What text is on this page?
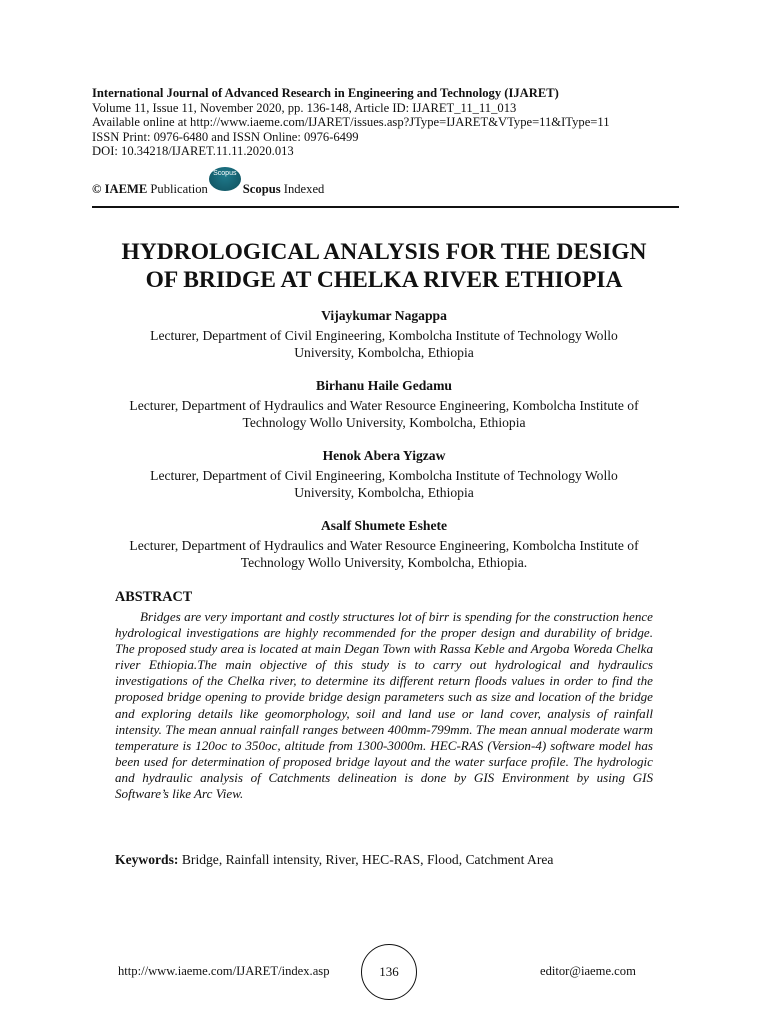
International Journal of Advanced Research in Engineering and Technology (IJARET)
Volume 11, Issue 11, November 2020, pp. 136-148, Article ID: IJARET_11_11_013
Available online at http://www.iaeme.com/IJARET/issues.asp?JType=IJARET&VType=11&IType=11
ISSN Print: 0976-6480 and ISSN Online: 0976-6499
DOI: 10.34218/IJARET.11.11.2020.013
© IAEME
Publication
Scopus
Scopus
Indexed
HYDROLOGICAL ANALYSIS FOR THE DESIGN
OF BRIDGE AT CHELKA RIVER ETHIOPIA
Vijaykumar Nagappa
Lecturer, Department of Civil Engineering, Kombolcha Institute of Technology Wollo
University, Kombolcha, Ethiopia
Birhanu Haile Gedamu
Lecturer, Department of Hydraulics and Water Resource Engineering, Kombolcha Institute of
Technology Wollo University, Kombolcha, Ethiopia
Henok Abera Yigzaw
Lecturer, Department of Civil Engineering, Kombolcha Institute of Technology Wollo
University, Kombolcha, Ethiopia
Asalf Shumete Eshete
Lecturer, Department of Hydraulics and Water Resource Engineering, Kombolcha Institute of
Technology Wollo University, Kombolcha, Ethiopia.
ABSTRACT
Bridges are very important and costly structures lot of birr is spending for the construction hence hydrological investigations are highly recommended for the proper design and durability of bridge. The proposed study area is located at main Degan Town with Rassa Keble and Argoba Woreda Chelka river Ethiopia.The main objective of this study is to carry out hydrological and hydraulics investigations of the Chelka river, to determine its different return floods values in order to find the proposed bridge opening to provide bridge design parameters such as size and location of the bridge and exploring details like geomorphology, soil and land use or land cover, analysis of rainfall intensity. The mean annual rainfall ranges between 400mm-799mm. The mean annual moderate warm temperature is 120oc to 350oc, altitude from 1300-3000m. HEC-RAS (Version-4) software model has been used for determination of proposed bridge layout and the water surface profile. The hydrologic and hydraulic analysis of Catchments delineation is done by GIS Environment by using GIS Software’s like Arc View.
Keywords: Bridge, Rainfall intensity, River, HEC-RAS, Flood, Catchment Area
http://www.iaeme.com/IJARET/index.asp	136	editor@iaeme.com
